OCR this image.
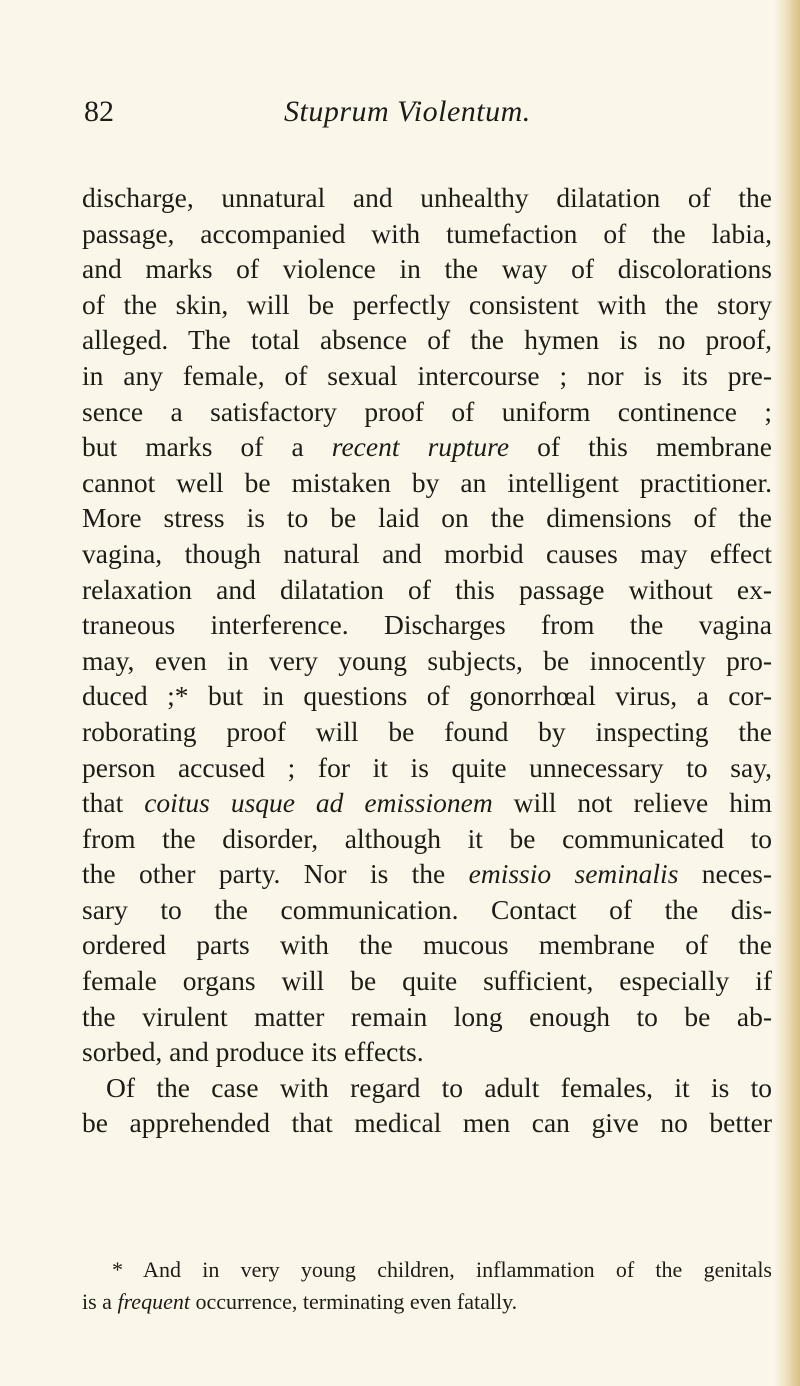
82	Stuprum Violentum.
discharge, unnatural and unhealthy dilatation of the
passage, accompanied with tumefaction of the labia,
and marks of violence in the way of discolorations
of the skin, will be perfectly consistent with the story
alleged. The total absence of the hymen is no proof,
in any female, of sexual intercourse ; nor is its pre-
sence a satisfactory proof of uniform continence ;
but marks of a recent rupture of this membrane
cannot well be mistaken by an intelligent practitioner.
More stress is to be laid on the dimensions of the
vagina, though natural and morbid causes may effect
relaxation and dilatation of this passage without ex-
traneous interference. Discharges from the vagina
may, even in very young subjects, be innocently pro-
duced ;* but in questions of gonorrhœal virus, a cor-
roborating proof will be found by inspecting the
person accused ; for it is quite unnecessary to say,
that coitus usque ad emissionem will not relieve him
from the disorder, although it be communicated to
the other party. Nor is the emissio seminalis neces-
sary to the communication. Contact of the dis-
ordered parts with the mucous membrane of the
female organs will be quite sufficient, especially if
the virulent matter remain long enough to be ab-
sorbed, and produce its effects.
Of the case with regard to adult females, it is to
be apprehended that medical men can give no better
* And in very young children, inflammation of the genitals
is a frequent occurrence, terminating even fatally.
